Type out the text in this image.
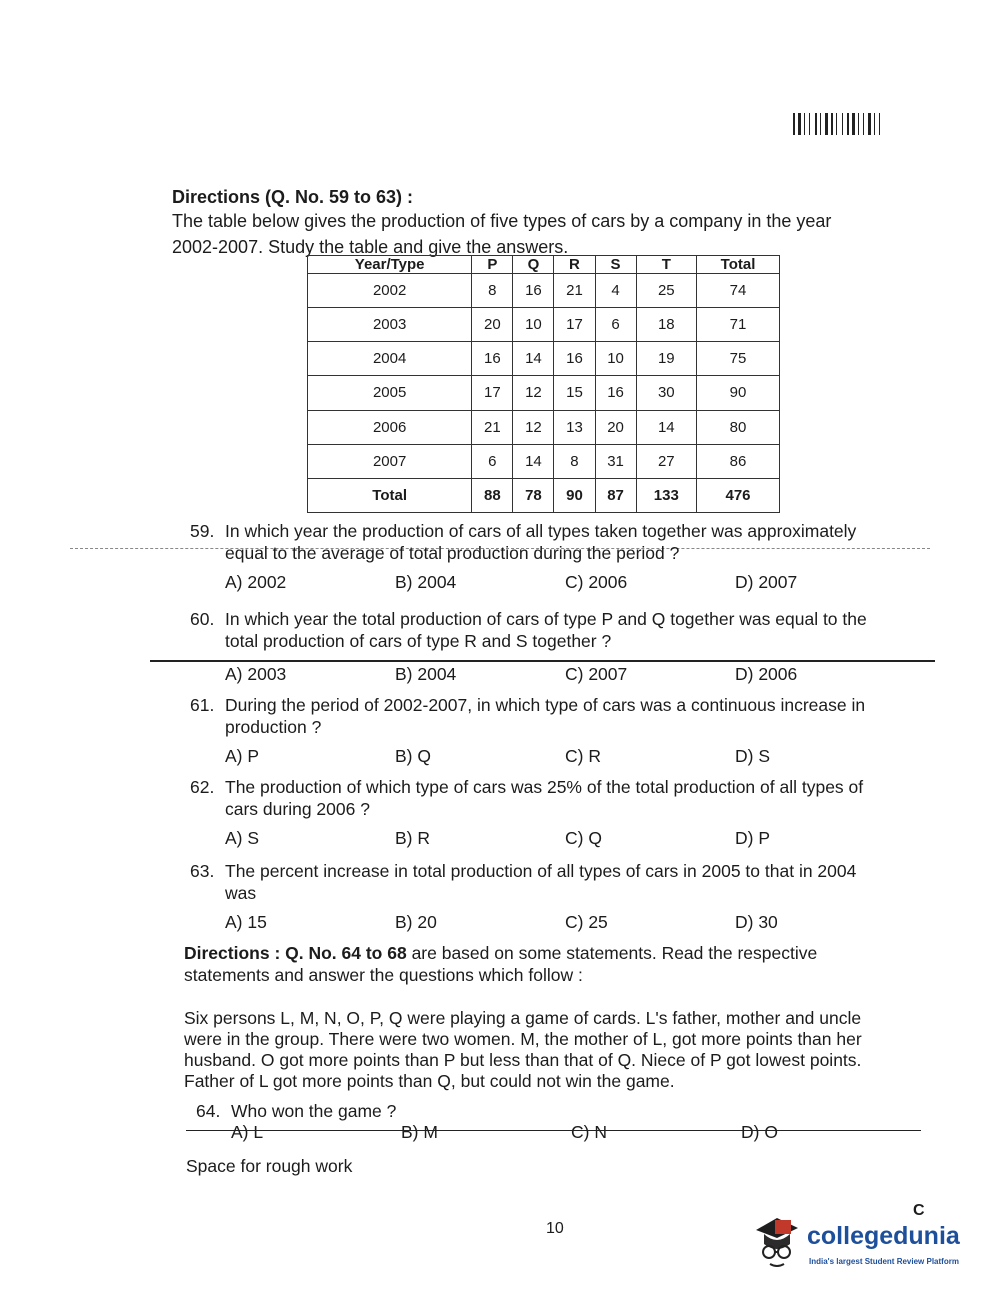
Directions (Q. No. 59 to 63) :
The table below gives the production of five types of cars by a company in the year 2002-2007. Study the table and give the answers.
Year/Type	P	Q	R	S	T	Total
2002	8	16	21	4	25	74
2003	20	10	17	6	18	71
2004	16	14	16	10	19	75
2005	17	12	15	16	30	90
2006	21	12	13	20	14	80
2007	6	14	8	31	27	86
Total	88	78	90	87	133	476
59. In which year the production of cars of all types taken together was approximately
equal to the average of total production during the period ?
A) 2002	B) 2004	C) 2006	D) 2007
60. In which year the total production of cars of type P and Q together was equal to the
total production of cars of type R and S together ?
A) 2003	B) 2004	C) 2007	D) 2006
61. During the period of 2002-2007, in which type of cars was a continuous increase in
production ?
A) P	B) Q	C) R	D) S
62. The production of which type of cars was 25% of the total production of all types of
cars during 2006 ?
A) S	B) R	C) Q	D) P
63. The percent increase in total production of all types of cars in 2005 to that in 2004
was
A) 15	B) 20	C) 25	D) 30
Directions : Q. No. 64 to 68 are based on some statements. Read the respective statements and answer the questions which follow :
Six persons L, M, N, O, P, Q were playing a game of cards. L's father, mother and uncle were in the group. There were two women. M, the mother of L, got more points than her husband. O got more points than P but less than that of Q. Niece of P got lowest points. Father of L got more points than Q, but could not win the game.
64. Who won the game ?
A) L	B) M	C) N	D) O
Space for rough work
10
C
collegedunia
India's largest Student Review Platform
